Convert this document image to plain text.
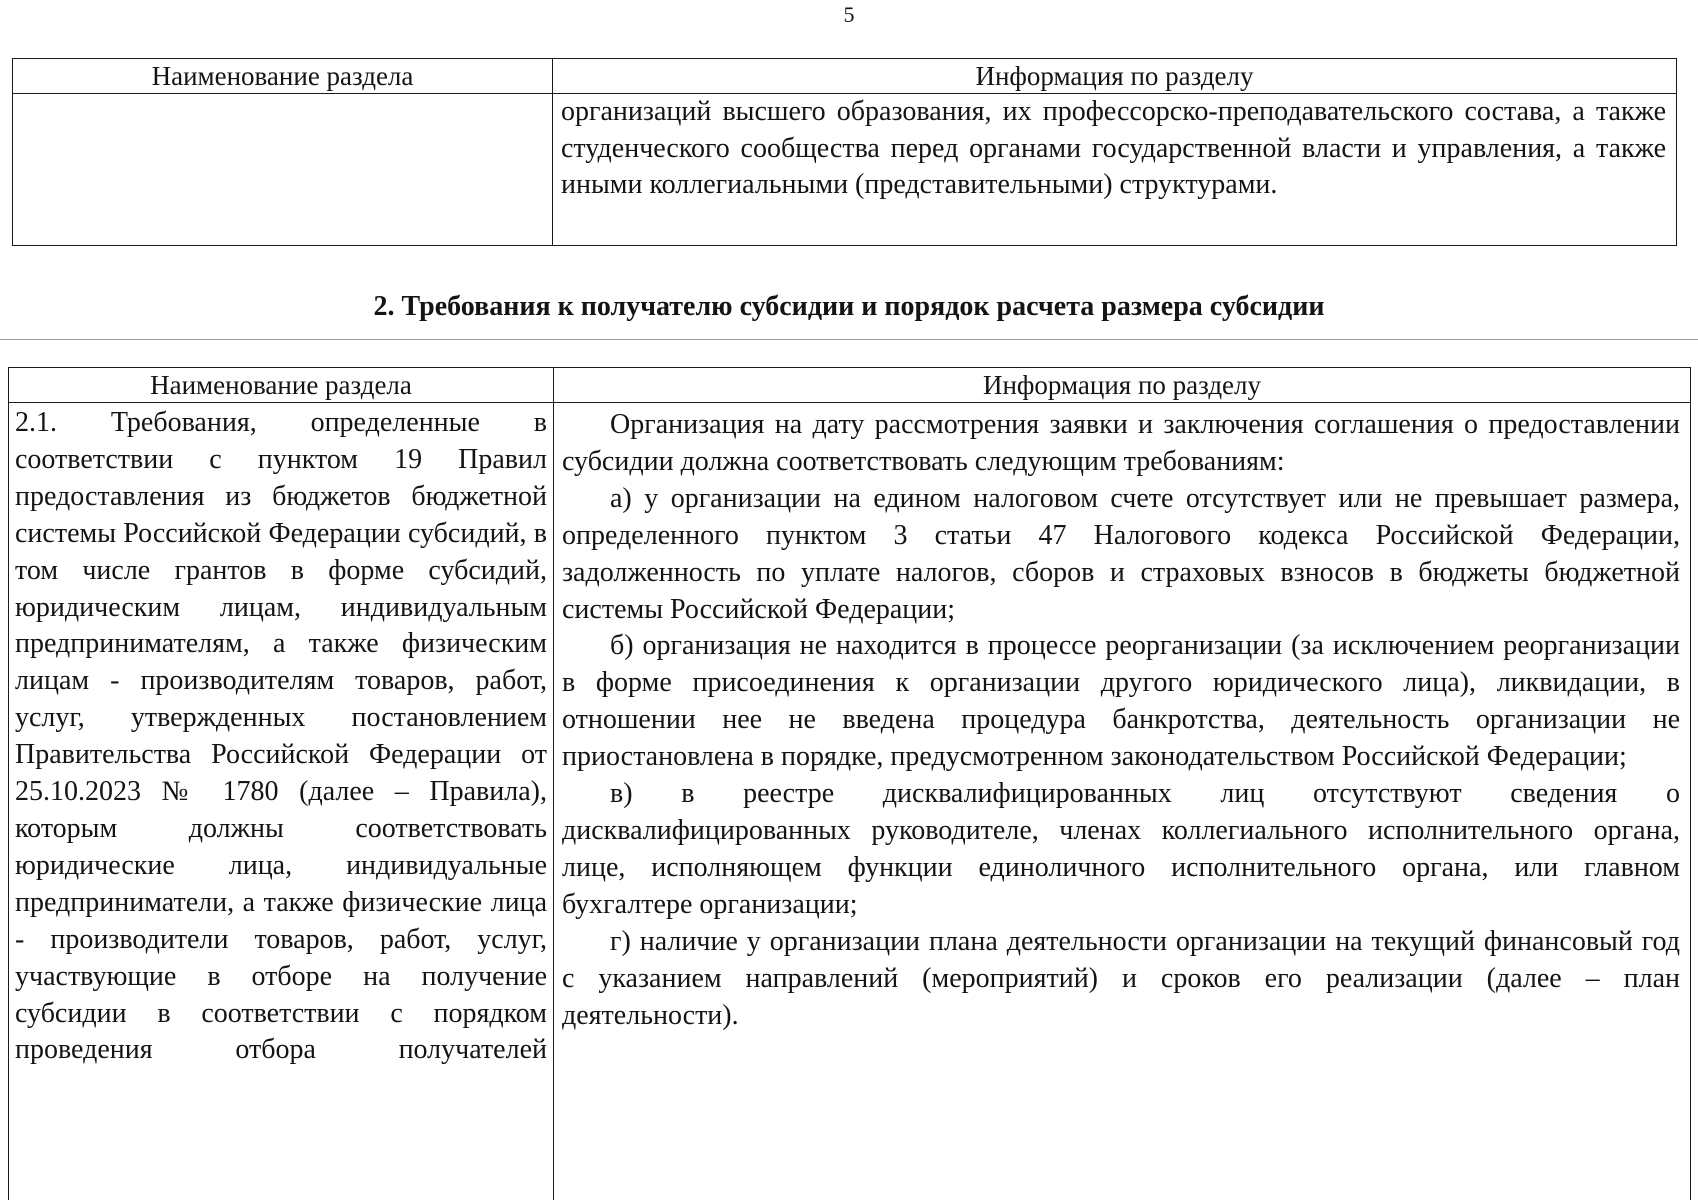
5
Наименование раздела	Информация по разделу
организаций высшего образования, их профессорско-преподавательского состава, а также студенческого сообщества перед органами государственной власти и управления, а также иными коллегиальными (представительными) структурами.
2. Требования к получателю субсидии и порядок расчета размера субсидии
Наименование раздела	Информация по разделу
2.1. Требования, определенные в соответствии с пунктом 19 Правил предоставления из бюджетов бюджетной системы Российской Федерации субсидий, в том числе грантов в форме субсидий, юридическим лицам, индивидуальным предпринимателям, а также физическим лицам - производителям товаров, работ, услуг, утвержденных постановлением Правительства Российской Федерации от 25.10.2023 № 1780 (далее – Правила), которым должны соответствовать юридические лица, индивидуальные предприниматели, а также физические лица - производители товаров, работ, услуг, участвующие в отборе на получение субсидии в соответствии с порядком проведения отбора получателей

Организация на дату рассмотрения заявки и заключения соглашения о предоставлении субсидии должна соответствовать следующим требованиям:

а) у организации на едином налоговом счете отсутствует или не превышает размера, определенного пунктом 3 статьи 47 Налогового кодекса Российской Федерации, задолженность по уплате налогов, сборов и страховых взносов в бюджеты бюджетной системы Российской Федерации;

б) организация не находится в процессе реорганизации (за исключением реорганизации в форме присоединения к организации другого юридического лица), ликвидации, в отношении нее не введена процедура банкротства, деятельность организации не приостановлена в порядке, предусмотренном законодательством Российской Федерации;

в) в реестре дисквалифицированных лиц отсутствуют сведения о дисквалифицированных руководителе, членах коллегиального исполнительного органа, лице, исполняющем функции единоличного исполнительного органа, или главном бухгалтере организации;

г) наличие у организации плана деятельности организации на текущий финансовый год с указанием направлений (мероприятий) и сроков его реализации (далее – план деятельности).
